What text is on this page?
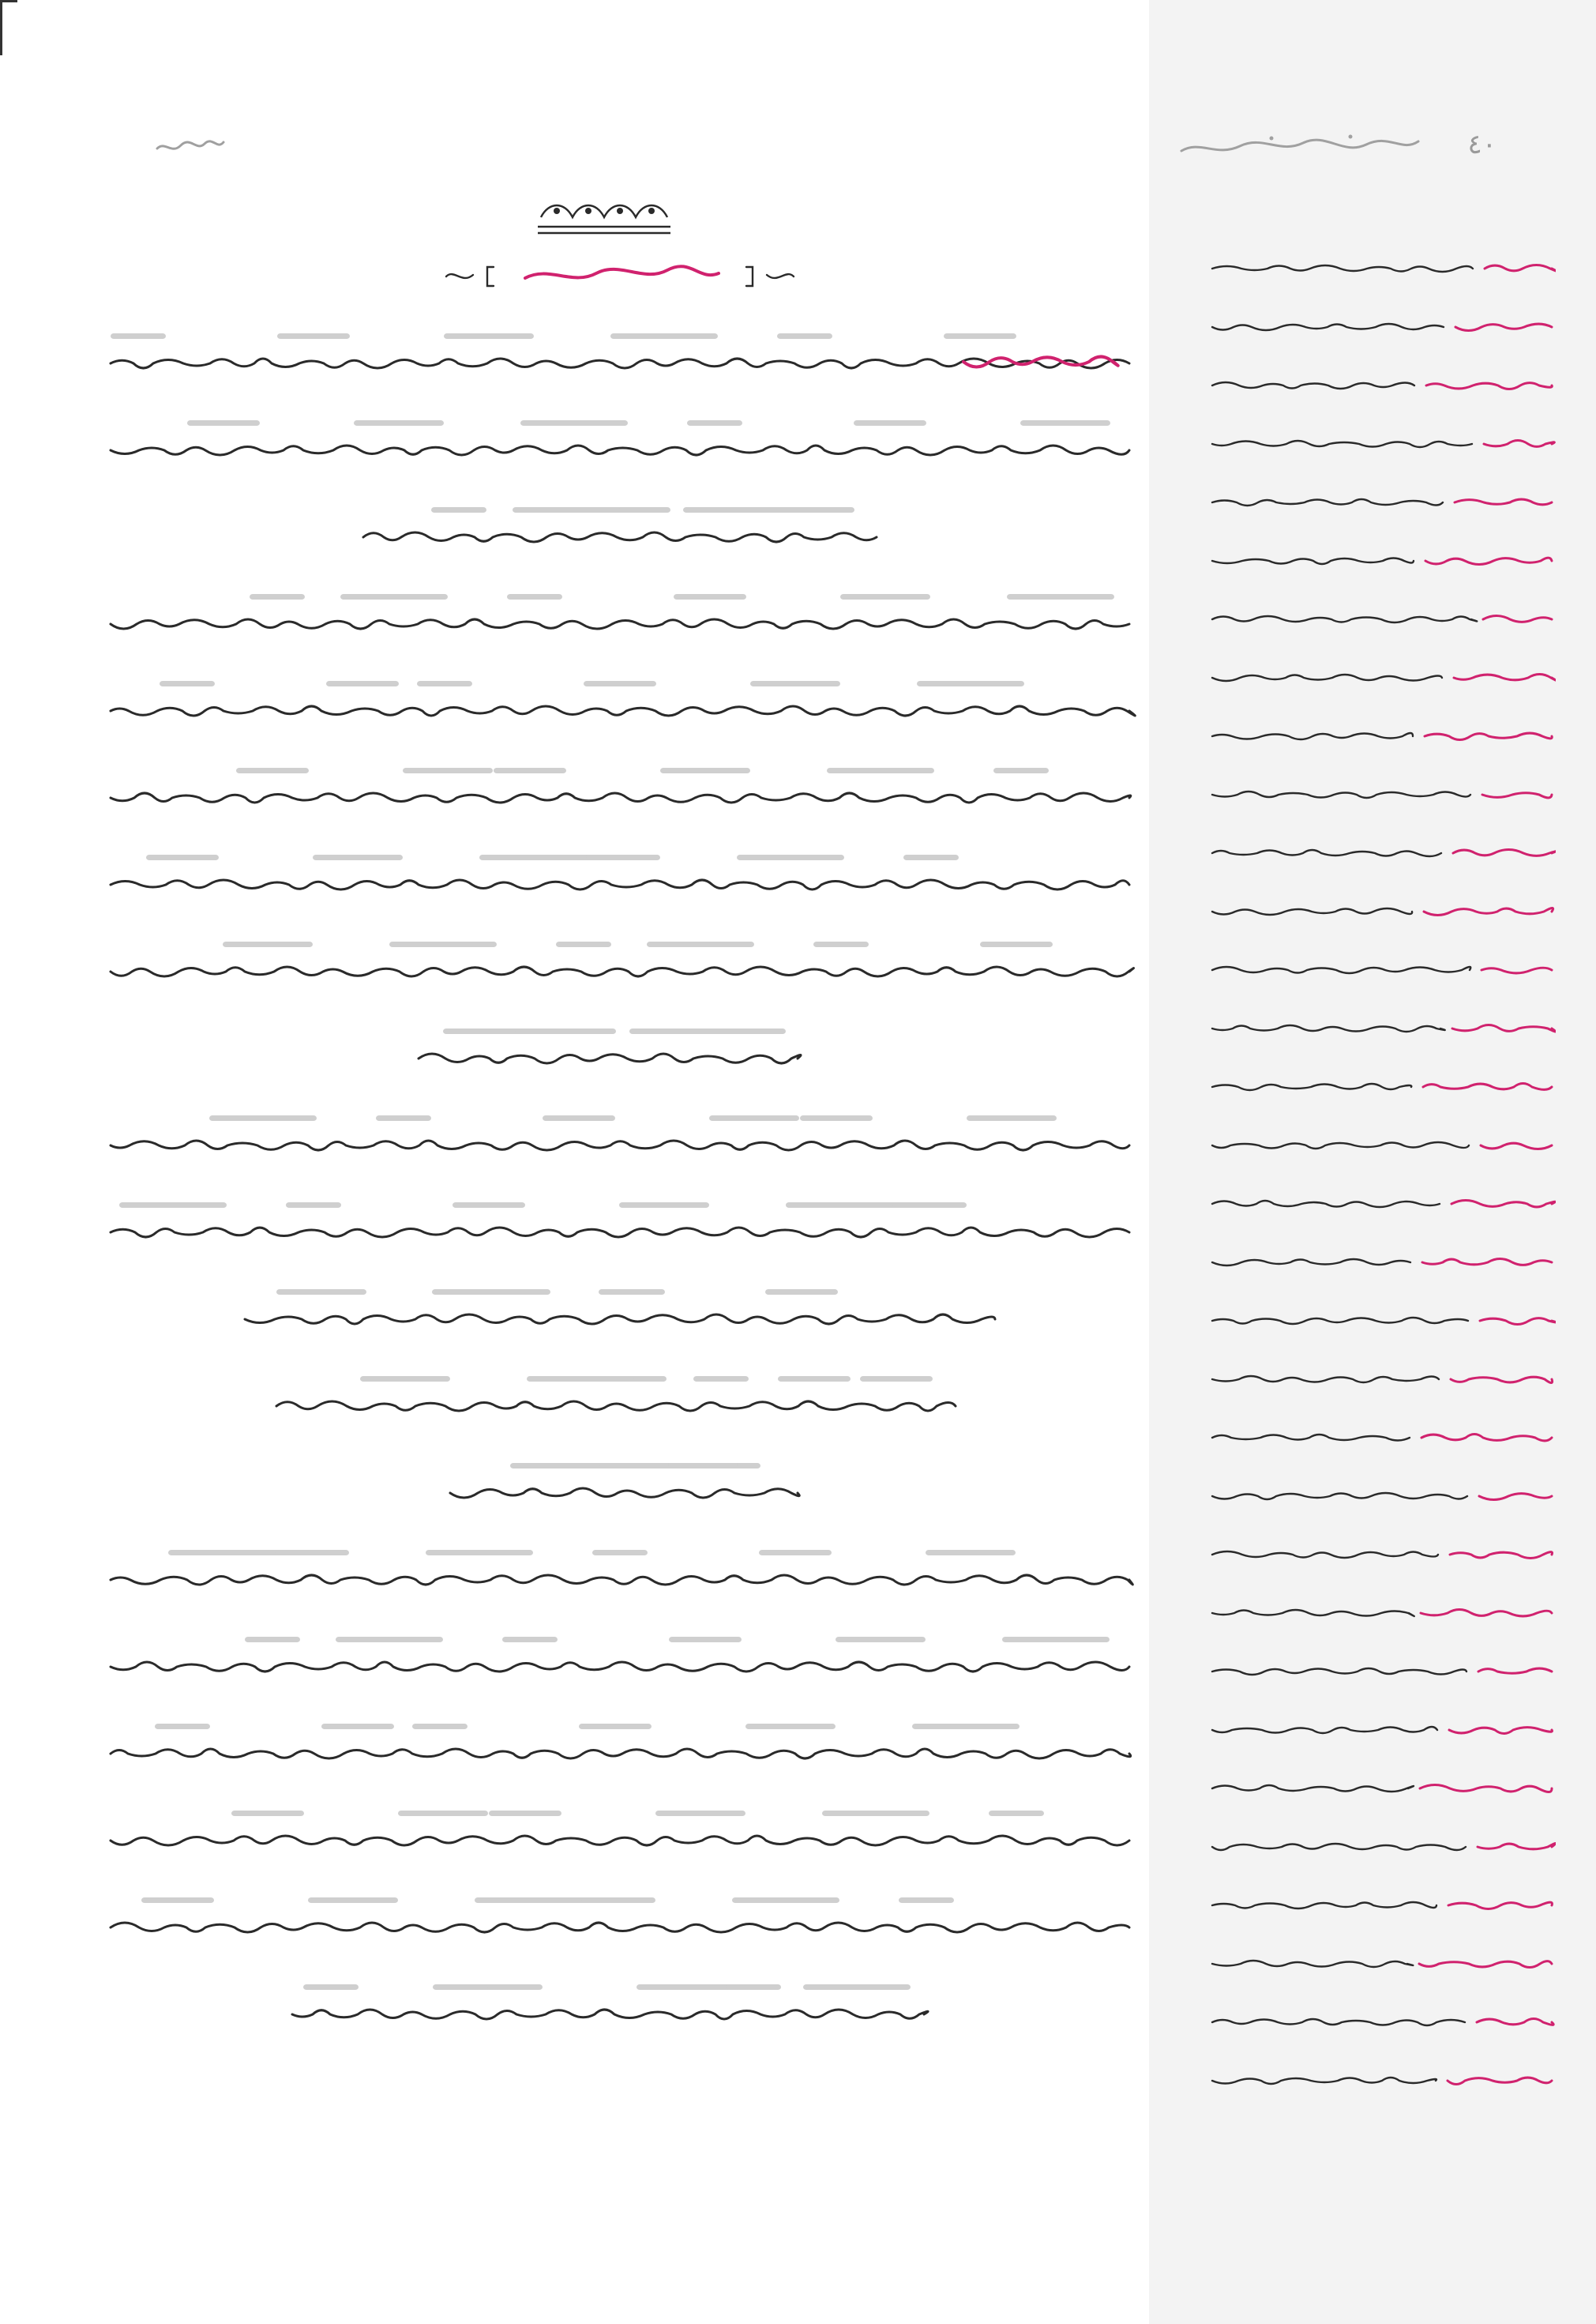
٤٠
